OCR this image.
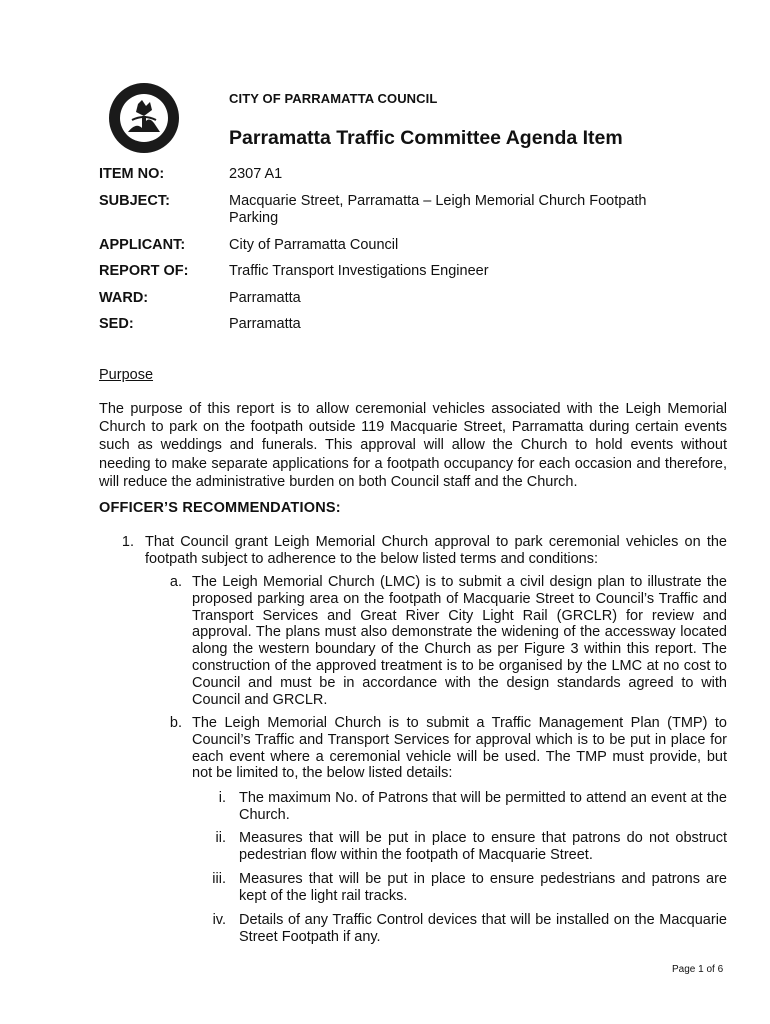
CITY OF PARRAMATTA COUNCIL
Parramatta Traffic Committee Agenda Item
ITEM NO:	2307 A1
SUBJECT:	Macquarie Street, Parramatta – Leigh Memorial Church Footpath Parking
APPLICANT:	City of Parramatta Council
REPORT OF:	Traffic Transport Investigations Engineer
WARD:	Parramatta
SED:	Parramatta
Purpose

The purpose of this report is to allow ceremonial vehicles associated with the Leigh Memorial Church to park on the footpath outside 119 Macquarie Street, Parramatta during certain events such as weddings and funerals. This approval will allow the Church to hold events without needing to make separate applications for a footpath occupancy for each occasion and therefore, will reduce the administrative burden on both Council staff and the Church.

OFFICER’S RECOMMENDATIONS:
1. That Council grant Leigh Memorial Church approval to park ceremonial vehicles on the footpath subject to adherence to the below listed terms and conditions:

a. The Leigh Memorial Church (LMC) is to submit a civil design plan to illustrate the proposed parking area on the footpath of Macquarie Street to Council’s Traffic and Transport Services and Great River City Light Rail (GRCLR) for review and approval. The plans must also demonstrate the widening of the accessway located along the western boundary of the Church as per Figure 3 within this report. The construction of the approved treatment is to be organised by the LMC at no cost to Council and must be in accordance with the design standards agreed to with Council and GRCLR.

b. The Leigh Memorial Church is to submit a Traffic Management Plan (TMP) to Council’s Traffic and Transport Services for approval which is to be put in place for each event where a ceremonial vehicle will be used. The TMP must provide, but not be limited to, the below listed details:

i. The maximum No. of Patrons that will be permitted to attend an event at the Church.

ii. Measures that will be put in place to ensure that patrons do not obstruct pedestrian flow within the footpath of Macquarie Street.

iii. Measures that will be put in place to ensure pedestrians and patrons are kept of the light rail tracks.

iv. Details of any Traffic Control devices that will be installed on the Macquarie Street Footpath if any.

Page 1 of 6
